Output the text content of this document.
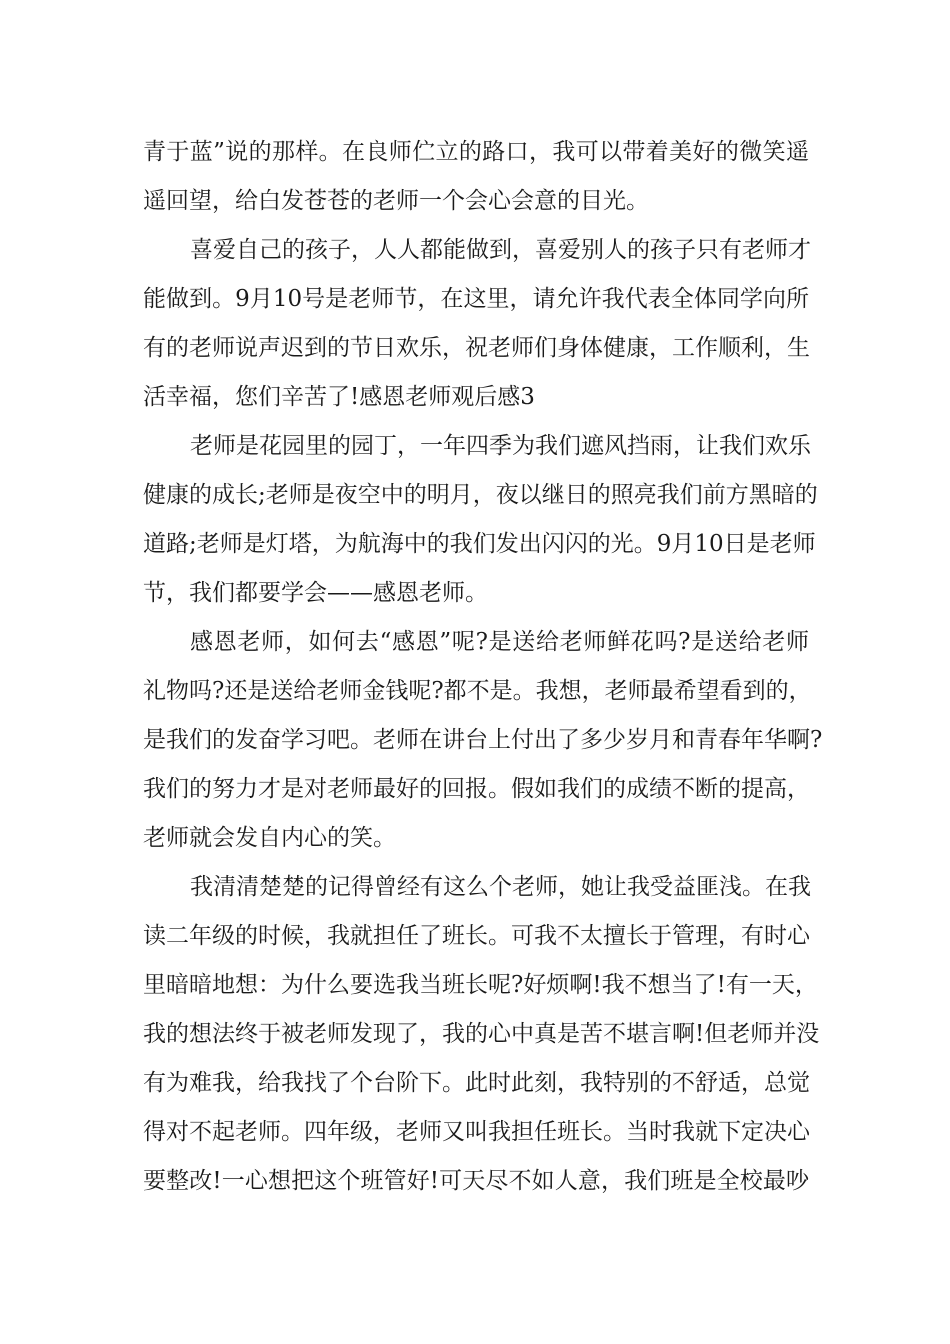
青于蓝”说的那样。在良师伫立的路口，我可以带着美好的微笑遥
遥回望，给白发苍苍的老师一个会心会意的目光。
喜爱自己的孩子，人人都能做到，喜爱别人的孩子只有老师才
能做到。9月10号是老师节，在这里，请允许我代表全体同学向所
有的老师说声迟到的节日欢乐，祝老师们身体健康，工作顺利，生
活幸福，您们辛苦了!感恩老师观后感3
老师是花园里的园丁，一年四季为我们遮风挡雨，让我们欢乐
健康的成长;老师是夜空中的明月，夜以继日的照亮我们前方黑暗的
道路;老师是灯塔，为航海中的我们发出闪闪的光。9月10日是老师
节，我们都要学会——感恩老师。
感恩老师，如何去“感恩”呢?是送给老师鲜花吗?是送给老师
礼物吗?还是送给老师金钱呢?都不是。我想，老师最希望看到的，
是我们的发奋学习吧。老师在讲台上付出了多少岁月和青春年华啊?
我们的努力才是对老师最好的回报。假如我们的成绩不断的提高，
老师就会发自内心的笑。
我清清楚楚的记得曾经有这么个老师，她让我受益匪浅。在我
读二年级的时候，我就担任了班长。可我不太擅长于管理，有时心
里暗暗地想：为什么要选我当班长呢?好烦啊!我不想当了!有一天，
我的想法终于被老师发现了，我的心中真是苦不堪言啊!但老师并没
有为难我，给我找了个台阶下。此时此刻，我特别的不舒适，总觉
得对不起老师。四年级，老师又叫我担任班长。当时我就下定决心
要整改!一心想把这个班管好!可天尽不如人意，我们班是全校最吵
